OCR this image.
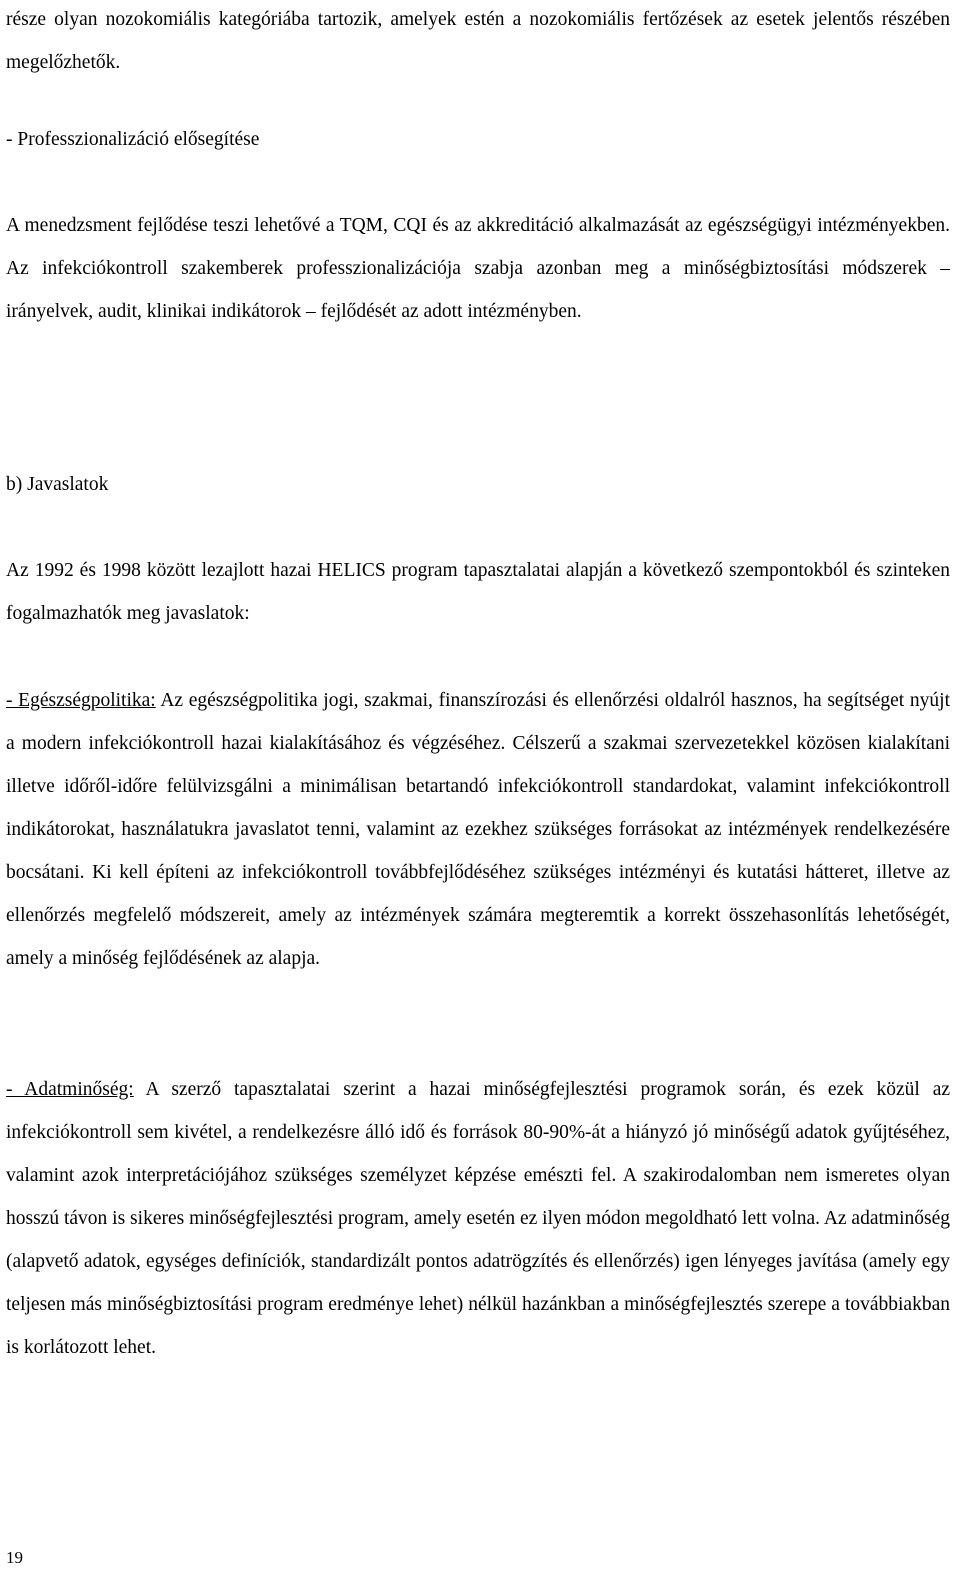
része olyan nozokomiális kategóriába tartozik, amelyek estén a nozokomiális fertőzések az esetek jelentős részében megelőzhetők.

- Professzionalizáció elősegítése

A menedzsment fejlődése teszi lehetővé a TQM, CQI és az akkreditáció alkalmazását az egészségügyi intézményekben. Az infekciókontroll szakemberek professzionalizációja szabja azonban meg a minőségbiztosítási módszerek – irányelvek, audit, klinikai indikátorok – fejlődését az adott intézményben.

b) Javaslatok

Az 1992 és 1998 között lezajlott hazai HELICS program tapasztalatai alapján a következő szempontokból és szinteken fogalmazhatók meg javaslatok:

- Egészségpolitika: Az egészségpolitika jogi, szakmai, finanszírozási és ellenőrzési oldalról hasznos, ha segítséget nyújt a modern infekciókontroll hazai kialakításához és végzéséhez. Célszerű a szakmai szervezetekkel közösen kialakítani illetve időről-időre felülvizsgálni a minimálisan betartandó infekciókontroll standardokat, valamint infekciókontroll indikátorokat, használatukra javaslatot tenni, valamint az ezekhez szükséges forrásokat az intézmények rendelkezésére bocsátani. Ki kell építeni az infekciókontroll továbbfejlődéséhez szükséges intézményi és kutatási hátteret, illetve az ellenőrzés megfelelő módszereit, amely az intézmények számára megteremtik a korrekt összehasonlítás lehetőségét, amely a minőség fejlődésének az alapja.

- Adatminőség: A szerző tapasztalatai szerint a hazai minőségfejlesztési programok során, és ezek közül az infekciókontroll sem kivétel, a rendelkezésre álló idő és források 80-90%-át a hiányzó jó minőségű adatok gyűjtéséhez, valamint azok interpretációjához szükséges személyzet képzése emészti fel. A szakirodalomban nem ismeretes olyan hosszú távon is sikeres minőségfejlesztési program, amely esetén ez ilyen módon megoldható lett volna. Az adatminőség (alapvető adatok, egységes definíciók, standardizált pontos adatrögzítés és ellenőrzés) igen lényeges javítása (amely egy teljesen más minőségbiztosítási program eredménye lehet) nélkül hazánkban a minőségfejlesztés szerepe a továbbiakban is korlátozott lehet.

19
